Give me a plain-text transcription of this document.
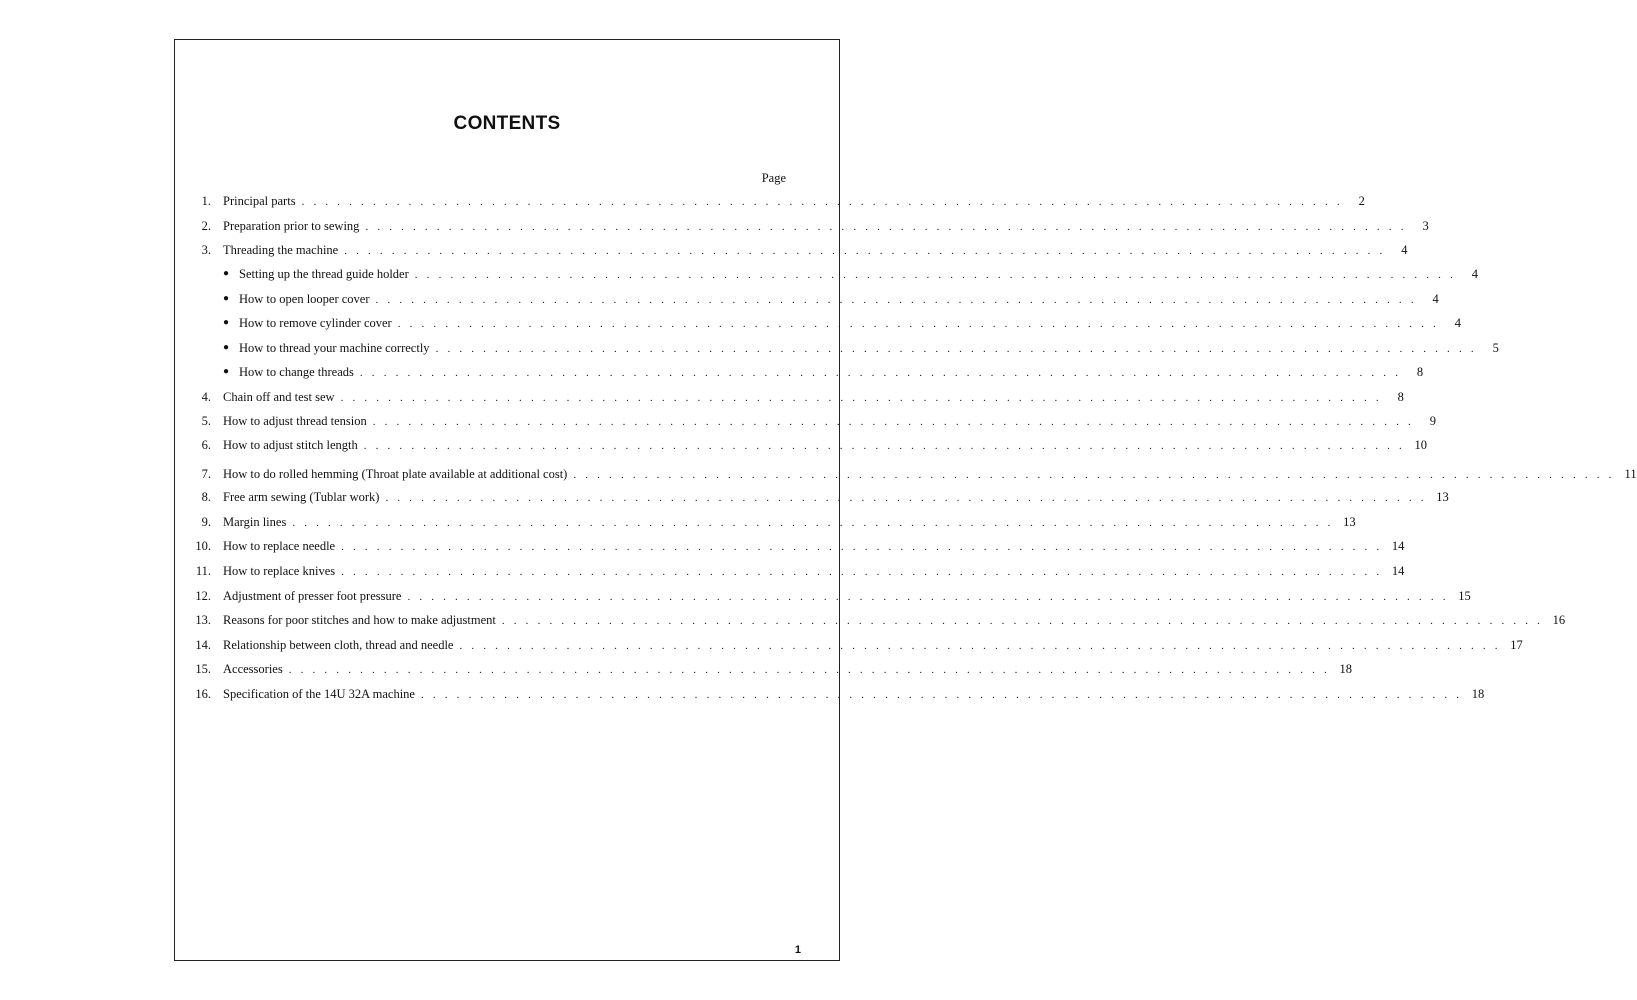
CONTENTS
Page
1. Principal parts . . . . . . . . . . . . . . . . . . . . . . . . . . . . . . . . . . . . . . . . . . . . . . . . . . . . . . . . . . . . . . . . . . . . . . . . . . . . . . . . . . . . . . . .	2
2. Preparation prior to sewing . . . . . . . . . . . . . . . . . . . . . . . . . . . . . . . . . . . . . . . . . . . . . . . . . . . . . . . . . . . . . . . . . . . . . . . . . . . . . . . . . . . . . . . .	3
3. Threading the machine . . . . . . . . . . . . . . . . . . . . . . . . . . . . . . . . . . . . . . . . . . . . . . . . . . . . . . . . . . . . . . . . . . . . . . . . . . . . . . . . . . . . . . . .	4
● Setting up the thread guide holder . . . . . . . . . . . . . . . . . . . . . . . . . . . . . . . . . . . . . . . . . . . . . . . . . . . . . . . . . . . . . . . . . . . . . . . . . . . . . . . . . . . . . . . .	4
● How to open looper cover . . . . . . . . . . . . . . . . . . . . . . . . . . . . . . . . . . . . . . . . . . . . . . . . . . . . . . . . . . . . . . . . . . . . . . . . . . . . . . . . . . . . . . . .	4
● How to remove cylinder cover . . . . . . . . . . . . . . . . . . . . . . . . . . . . . . . . . . . . . . . . . . . . . . . . . . . . . . . . . . . . . . . . . . . . . . . . . . . . . . . . . . . . . . . .	4
● How to thread your machine correctly . . . . . . . . . . . . . . . . . . . . . . . . . . . . . . . . . . . . . . . . . . . . . . . . . . . . . . . . . . . . . . . . . . . . . . . . . . . . . . . . . . . . . . . .	5
● How to change threads . . . . . . . . . . . . . . . . . . . . . . . . . . . . . . . . . . . . . . . . . . . . . . . . . . . . . . . . . . . . . . . . . . . . . . . . . . . . . . . . . . . . . . . .	8
4. Chain off and test sew . . . . . . . . . . . . . . . . . . . . . . . . . . . . . . . . . . . . . . . . . . . . . . . . . . . . . . . . . . . . . . . . . . . . . . . . . . . . . . . . . . . . . . . .	8
5. How to adjust thread tension . . . . . . . . . . . . . . . . . . . . . . . . . . . . . . . . . . . . . . . . . . . . . . . . . . . . . . . . . . . . . . . . . . . . . . . . . . . . . . . . . . . . . . . .	9
6. How to adjust stitch length . . . . . . . . . . . . . . . . . . . . . . . . . . . . . . . . . . . . . . . . . . . . . . . . . . . . . . . . . . . . . . . . . . . . . . . . . . . . . . . . . . . . . . . . 10
7. How to do rolled hemming (Throat plate available at additional cost) . . . . . . . . . . . . . . . . . . . . . . . . . . . . . . . . . . . . . . . . . . . . . . . . . . . . . . . . . . . . . . . . . . . . . . . . . . . . . . . . . . . . . . . . 11
8. Free arm sewing (Tublar work) . . . . . . . . . . . . . . . . . . . . . . . . . . . . . . . . . . . . . . . . . . . . . . . . . . . . . . . . . . . . . . . . . . . . . . . . . . . . . . . . . . . . . . . . 13
9. Margin lines . . . . . . . . . . . . . . . . . . . . . . . . . . . . . . . . . . . . . . . . . . . . . . . . . . . . . . . . . . . . . . . . . . . . . . . . . . . . . . . . . . . . . . . . 13
10. How to replace needle . . . . . . . . . . . . . . . . . . . . . . . . . . . . . . . . . . . . . . . . . . . . . . . . . . . . . . . . . . . . . . . . . . . . . . . . . . . . . . . . . . . . . . . . 14
11. How to replace knives . . . . . . . . . . . . . . . . . . . . . . . . . . . . . . . . . . . . . . . . . . . . . . . . . . . . . . . . . . . . . . . . . . . . . . . . . . . . . . . . . . . . . . . . 14
12. Adjustment of presser foot pressure . . . . . . . . . . . . . . . . . . . . . . . . . . . . . . . . . . . . . . . . . . . . . . . . . . . . . . . . . . . . . . . . . . . . . . . . . . . . . . . . . . . . . . . . 15
13. Reasons for poor stitches and how to make adjustment . . . . . . . . . . . . . . . . . . . . . . . . . . . . . . . . . . . . . . . . . . . . . . . . . . . . . . . . . . . . . . . . . . . . . . . . . . . . . . . . . . . . . . . . 16
14. Relationship between cloth, thread and needle . . . . . . . . . . . . . . . . . . . . . . . . . . . . . . . . . . . . . . . . . . . . . . . . . . . . . . . . . . . . . . . . . . . . . . . . . . . . . . . . . . . . . . . . 17
15. Accessories . . . . . . . . . . . . . . . . . . . . . . . . . . . . . . . . . . . . . . . . . . . . . . . . . . . . . . . . . . . . . . . . . . . . . . . . . . . . . . . . . . . . . . . . 18
16. Specification of the 14U 32A machine . . . . . . . . . . . . . . . . . . . . . . . . . . . . . . . . . . . . . . . . . . . . . . . . . . . . . . . . . . . . . . . . . . . . . . . . . . . . . . . . . . . . . . . . 18
1
